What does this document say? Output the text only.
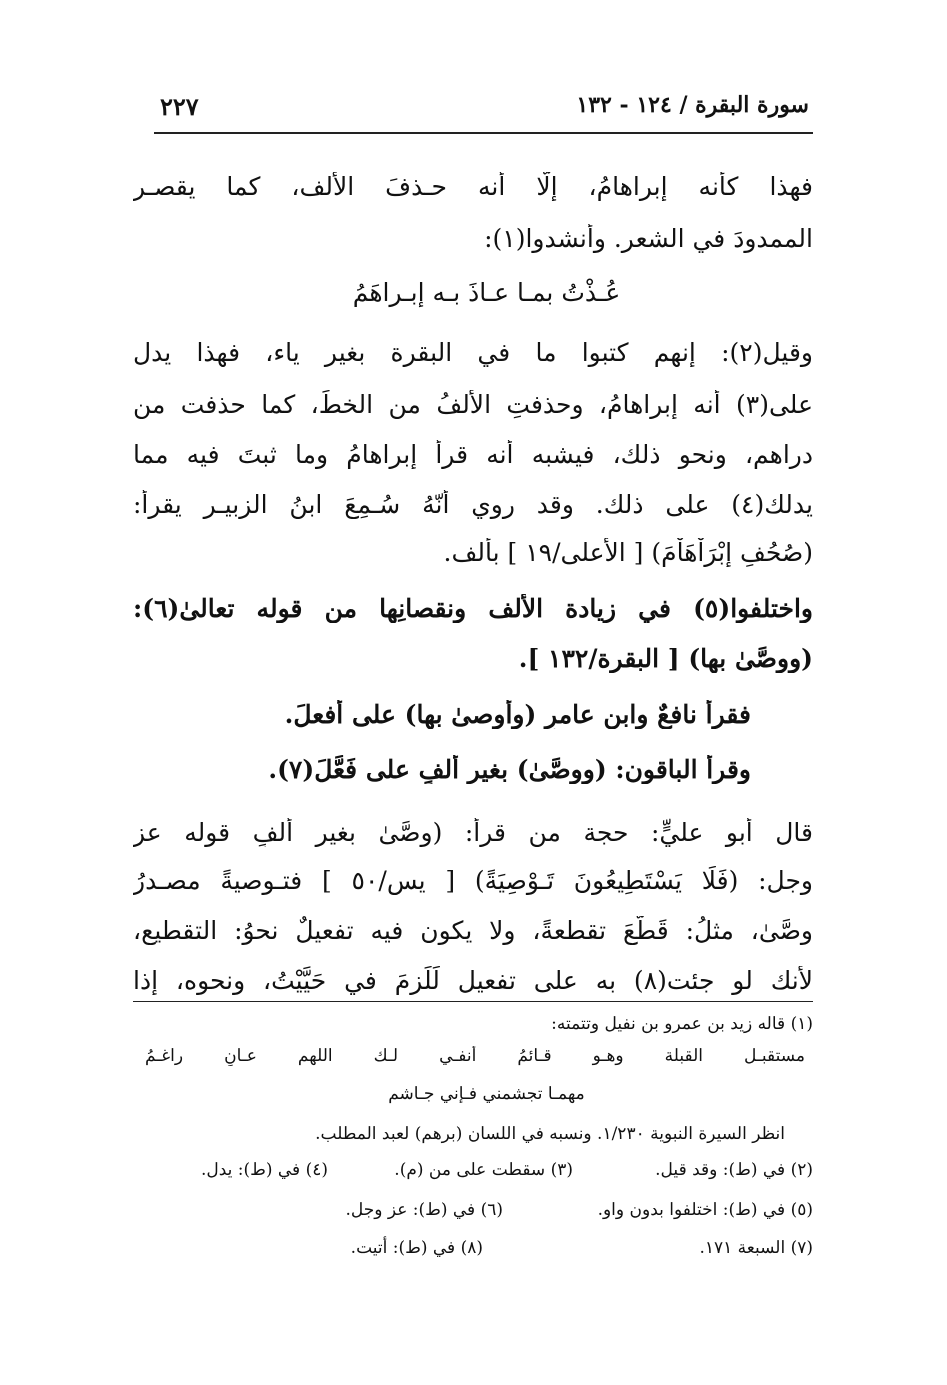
سورة البقرة / ١٢٤ - ١٣٢
٢٢٧
فهذا كأنه إبراهامُ، إلّا أنه حـذفَ الألف، كما يقصـر
الممدودَ في الشعر. وأنشدوا(١):
عُـذْتُ بمـا عـاذَ بـه إبـراهَمُ
وقيل(٢): إنهم كتبوا ما في البقرة بغير ياء، فهذا يدل
على(٣) أنه إبراهامُ، وحذفتِ الألفُ من الخطِّ، كما حذفت من
دراهم، ونحو ذلك، فيشبه أنه قرأ إبراهامُ وما ثبتَ فيه مما
يدلك(٤) على ذلك. وقد روي أنّهُ سُـمِعَ ابنُ الزبيـر يقرأ:
(صُحُفِ إِبْرَاْهَاْمَ) [ الأعلى/١٩ ] بألف.
واختلفوا(٥) في زيادة الألف ونقصانِها من قوله تعالىٰ(٦):
(ووصَّىٰ بها) [ البقرة/١٣٢ ].
فقرأ نافعٌ وابن عامرٍ (وأوصىٰ بها) على أفعلَ.
وقرأ الباقون: (ووصَّىٰ) بغير ألفٍ على فَعَّلَ(٧).
قال أبو عليٍّ: حجة من قرأ: (وصَّىٰ بغير ألفٍ قوله عز
وجل: (فَلَا يَسْتَطِيعُونَ تَـوْصِيَةً) [ يس/٥٠ ] فتـوصيةً مصـدرُ
وصَّىٰ، مثلُ: قَطَّعَ تقطعةً، ولا يكون فيه تفعيلٌ نحوُ: التقطيع،
لأنك لو جئت(٨) به على تفعيل لَلَزِمَ في حَيَّيْتُ، ونحوه، إذا
(١) قاله زيد بن عمرو بن نفيل وتتمته:
مستقبـل القبلة وهـو قـائمُ أنفـي لـك اللهم عـانٍ راغـمُ
مهمـا تجشمني فـإني جـاشم
انظر السيرة النبوية ١/٢٣٠. ونسبه في اللسان (برهم) لعبد المطلب.
(٢) في (ط): وقد قيل.
(٣) سقطت على من (م).
(٤) في (ط): يدل.
(٥) في (ط): اختلفوا بدون واو.
(٦) في (ط): عز وجل.
(٧) السبعة ١٧١.
(٨) في (ط): أتيت.
